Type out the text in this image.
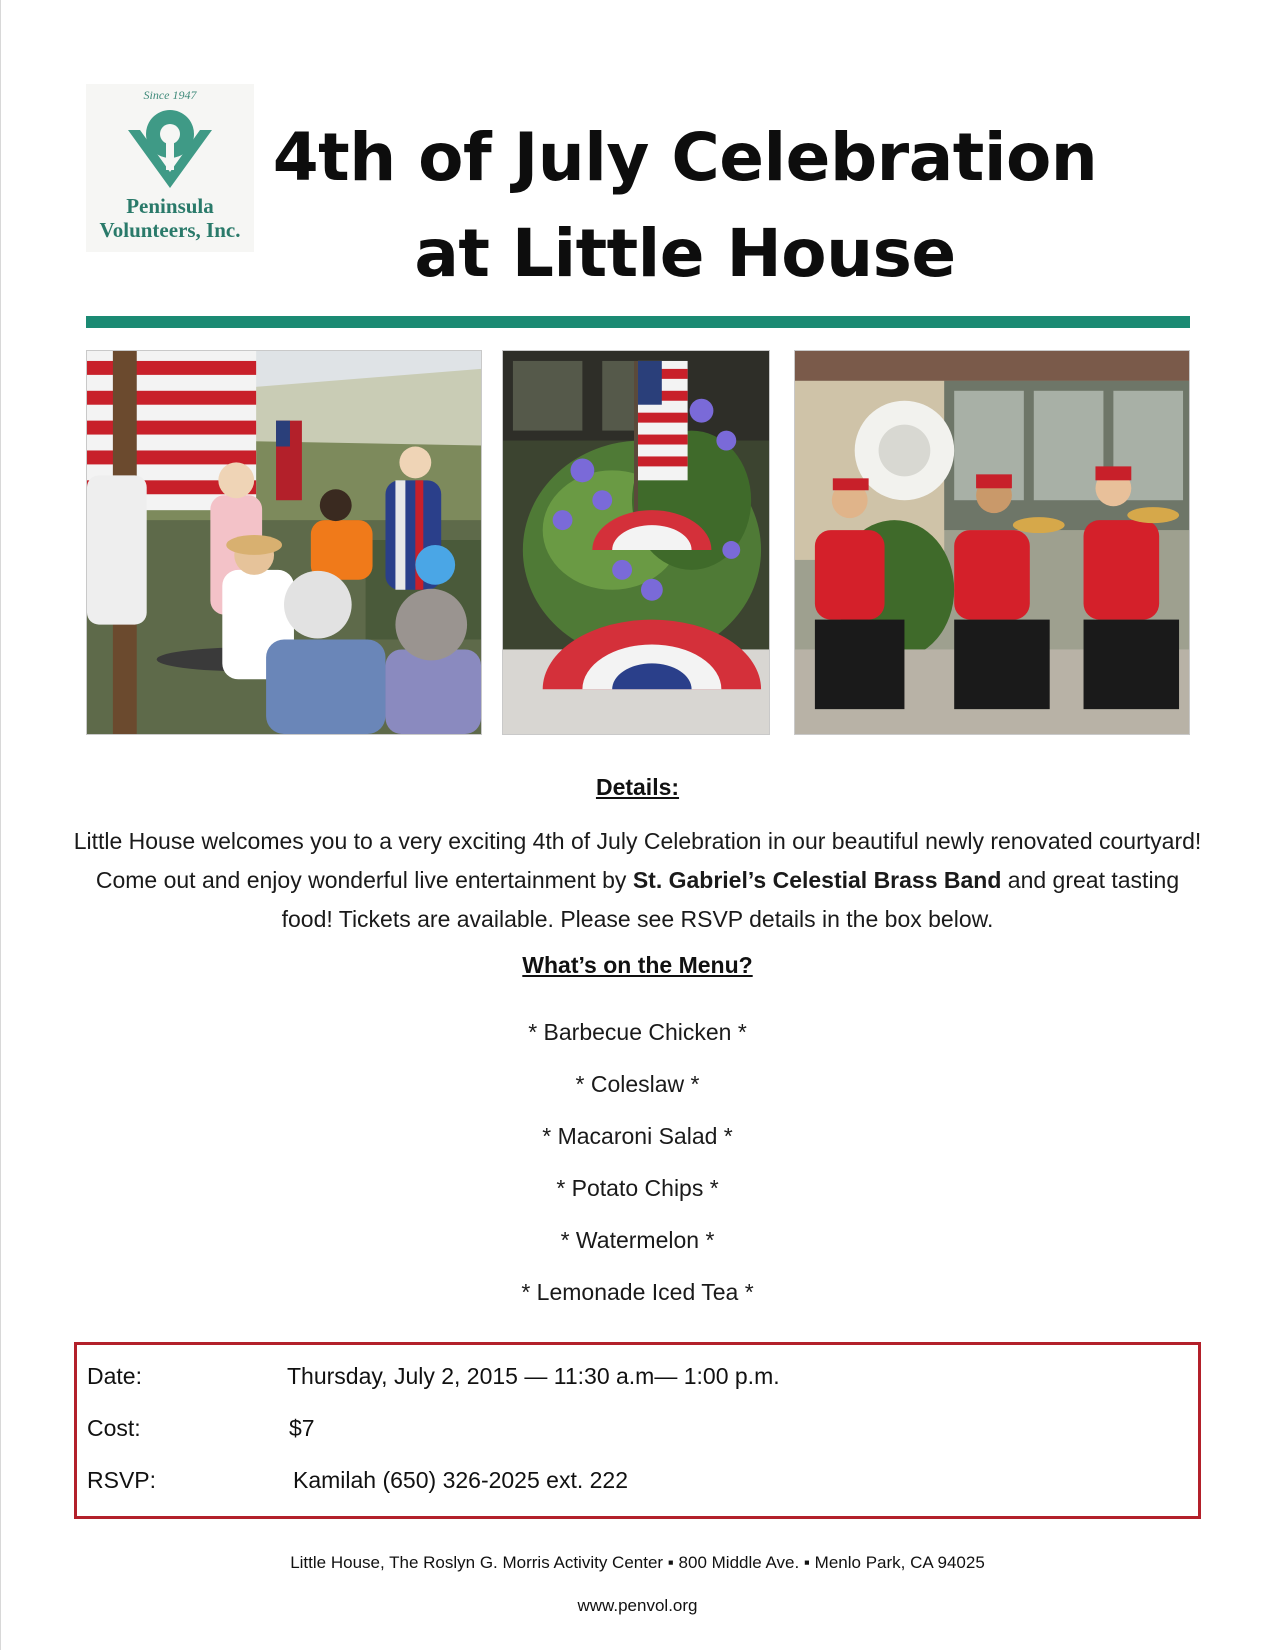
Since 1947
Peninsula
Volunteers, Inc.
4th of July Celebration
at Little House
Details:
Little House welcomes you to a very exciting 4th of July Celebration in our beautiful newly renovated courtyard! Come out and enjoy wonderful live entertainment by St. Gabriel’s Celestial Brass Band and great tasting food! Tickets are available. Please see RSVP details in the box below.
What’s on the Menu?
* Barbecue Chicken *
* Coleslaw *
* Macaroni Salad *
* Potato Chips *
* Watermelon *
* Lemonade Iced Tea *
Date:	Thursday, July 2, 2015 — 11:30 a.m— 1:00 p.m.
Cost:	$7
RSVP:	Kamilah (650) 326-2025 ext. 222
Little House, The Roslyn G. Morris Activity Center ▪ 800 Middle Ave. ▪ Menlo Park, CA 94025
www.penvol.org
